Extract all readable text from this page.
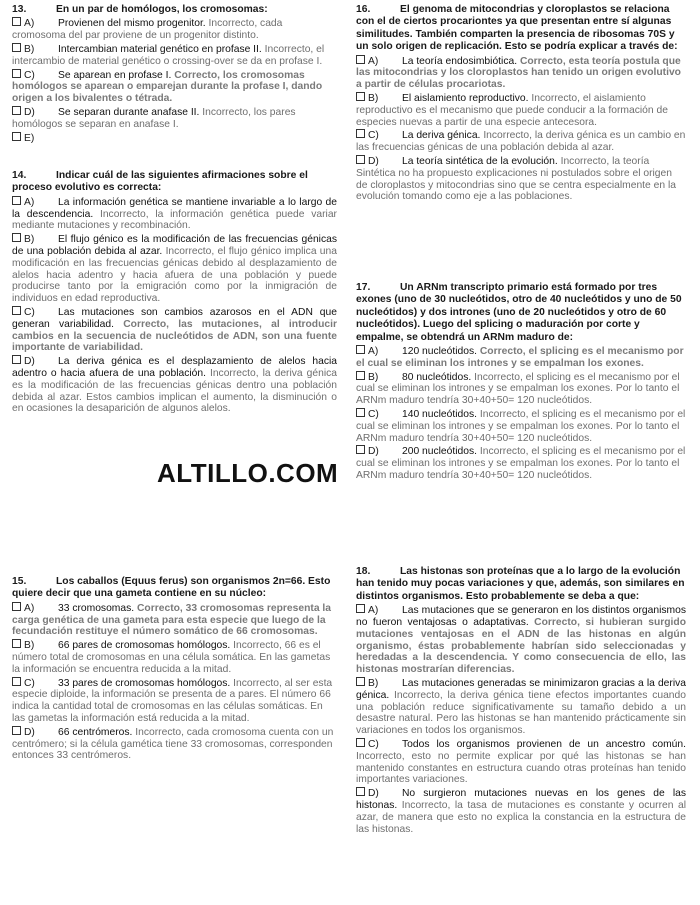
13.	En un par de homólogos, los cromosomas:
A) Provienen del mismo progenitor. Incorrecto, cada cromosoma del par proviene de un progenitor distinto.
B) Intercambian material genético en profase II. Incorrecto, el intercambio de material genético o crossing-over se da en profase I.
C) Se aparean en profase I. Correcto, los cromosomas homólogos se aparean o emparejan durante la profase I, dando origen a los bivalentes o tétrada.
D) Se separan durante anafase II. Incorrecto, los pares homólogos se separan en anafase I.
E)
14.	Indicar cuál de las siguientes afirmaciones sobre el proceso evolutivo es correcta:
A) La información genética se mantiene invariable a lo largo de la descendencia. Incorrecto, la información genética puede variar mediante mutaciones y recombinación.
B) El flujo génico es la modificación de las frecuencias génicas de una población debida al azar. Incorrecto, el flujo génico implica una modificación en las frecuencias génicas debido al desplazamiento de alelos hacia adentro y hacia afuera de una población y puede producirse tanto por la emigración como por la inmigración de individuos en edad reproductiva.
C) Las mutaciones son cambios azarosos en el ADN que generan variabilidad. Correcto, las mutaciones, al introducir cambios en la secuencia de nucleótidos de ADN, son una fuente importante de variabilidad.
D) La deriva génica es el desplazamiento de alelos hacia adentro o hacia afuera de una población. Incorrecto, la deriva génica es la modificación de las frecuencias génicas dentro una población debida al azar. Estos cambios implican el aumento, la disminución o en ocasiones la desaparición de algunos alelos.
15.	Los caballos (Equus ferus) son organismos 2n=66. Esto quiere decir que una gameta contiene en su núcleo:
A) 33 cromosomas. Correcto, 33 cromosomas representa la carga genética de una gameta para esta especie que luego de la fecundación restituye el número somático de 66 cromosomas.
B) 66 pares de cromosomas homólogos. Incorrecto, 66 es el número total de cromosomas en una célula somática. En las gametas la información se encuentra reducida a la mitad.
C) 33 pares de cromosomas homólogos. Incorrecto, al ser esta especie diploide, la información se presenta de a pares. El número 66 indica la cantidad total de cromosomas en las células somáticas. En las gametas la información está reducida a la mitad.
D) 66 centrómeros. Incorrecto, cada cromosoma cuenta con un centrómero; si la célula gamética tiene 33 cromosomas, corresponden entonces 33 centrómeros.
ALTILLO.COM
16.	El genoma de mitocondrias y cloroplastos se relaciona con el de ciertos procariontes ya que presentan entre sí algunas similitudes. También comparten la presencia de ribosomas 70S y un solo origen de replicación. Esto se podría explicar a través de:
A) La teoría endosimbiótica. Correcto, esta teoría postula que las mitocondrias y los cloroplastos han tenido un origen evolutivo a partir de células procariotas.
B) El aislamiento reproductivo. Incorrecto, el aislamiento reproductivo es el mecanismo que puede conducir a la formación de especies nuevas a partir de una especie antecesora.
C) La deriva génica. Incorrecto, la deriva génica es un cambio en las frecuencias génicas de una población debida al azar.
D) La teoría sintética de la evolución. Incorrecto, la teoría Sintética no ha propuesto explicaciones ni postulados sobre el origen de cloroplastos y mitocondrias sino que se centra especialmente en la evolución tomando como eje a las poblaciones.
17.	Un ARNm transcripto primario está formado por tres exones (uno de 30 nucleótidos, otro de 40 nucleótidos y uno de 50 nucleótidos) y dos intrones (uno de 20 nucleótidos y otro de 60 nucleótidos). Luego del splicing o maduración por corte y empalme, se obtendrá un ARNm maduro de:
A) 120 nucleótidos. Correcto, el splicing es el mecanismo por el cual se eliminan los intrones y se empalman los exones.
B) 80 nucleótidos. Incorrecto, el splicing es el mecanismo por el cual se eliminan los intrones y se empalman los exones. Por lo tanto el ARNm maduro tendría 30+40+50= 120 nucleótidos.
C) 140 nucleótidos. Incorrecto, el splicing es el mecanismo por el cual se eliminan los intrones y se empalman los exones. Por lo tanto el ARNm maduro tendría 30+40+50= 120 nucleótidos.
D) 200 nucleótidos. Incorrecto, el splicing es el mecanismo por el cual se eliminan los intrones y se empalman los exones. Por lo tanto el ARNm maduro tendría 30+40+50= 120 nucleótidos.
18.	Las histonas son proteínas que a lo largo de la evolución han tenido muy pocas variaciones y que, además, son similares en distintos organismos. Esto probablemente se deba a que:
A) Las mutaciones que se generaron en los distintos organismos no fueron ventajosas o adaptativas. Correcto, si hubieran surgido mutaciones ventajosas en el ADN de las histonas en algún organismo, éstas probablemente habrían sido seleccionadas y heredadas a la descendencia. Y como consecuencia de ello, las histonas mostrarían diferencias.
B) Las mutaciones generadas se minimizaron gracias a la deriva génica. Incorrecto, la deriva génica tiene efectos importantes cuando una población reduce significativamente su tamaño debido a un desastre natural. Pero las histonas se han mantenido prácticamente sin variaciones en todos los organismos.
C) Todos los organismos provienen de un ancestro común. Incorrecto, esto no permite explicar por qué las histonas se han mantenido constantes en estructura cuando otras proteínas han tenido importantes variaciones.
D) No surgieron mutaciones nuevas en los genes de las histonas. Incorrecto, la tasa de mutaciones es constante y ocurren al azar, de manera que esto no explica la constancia en la estructura de las histonas.
